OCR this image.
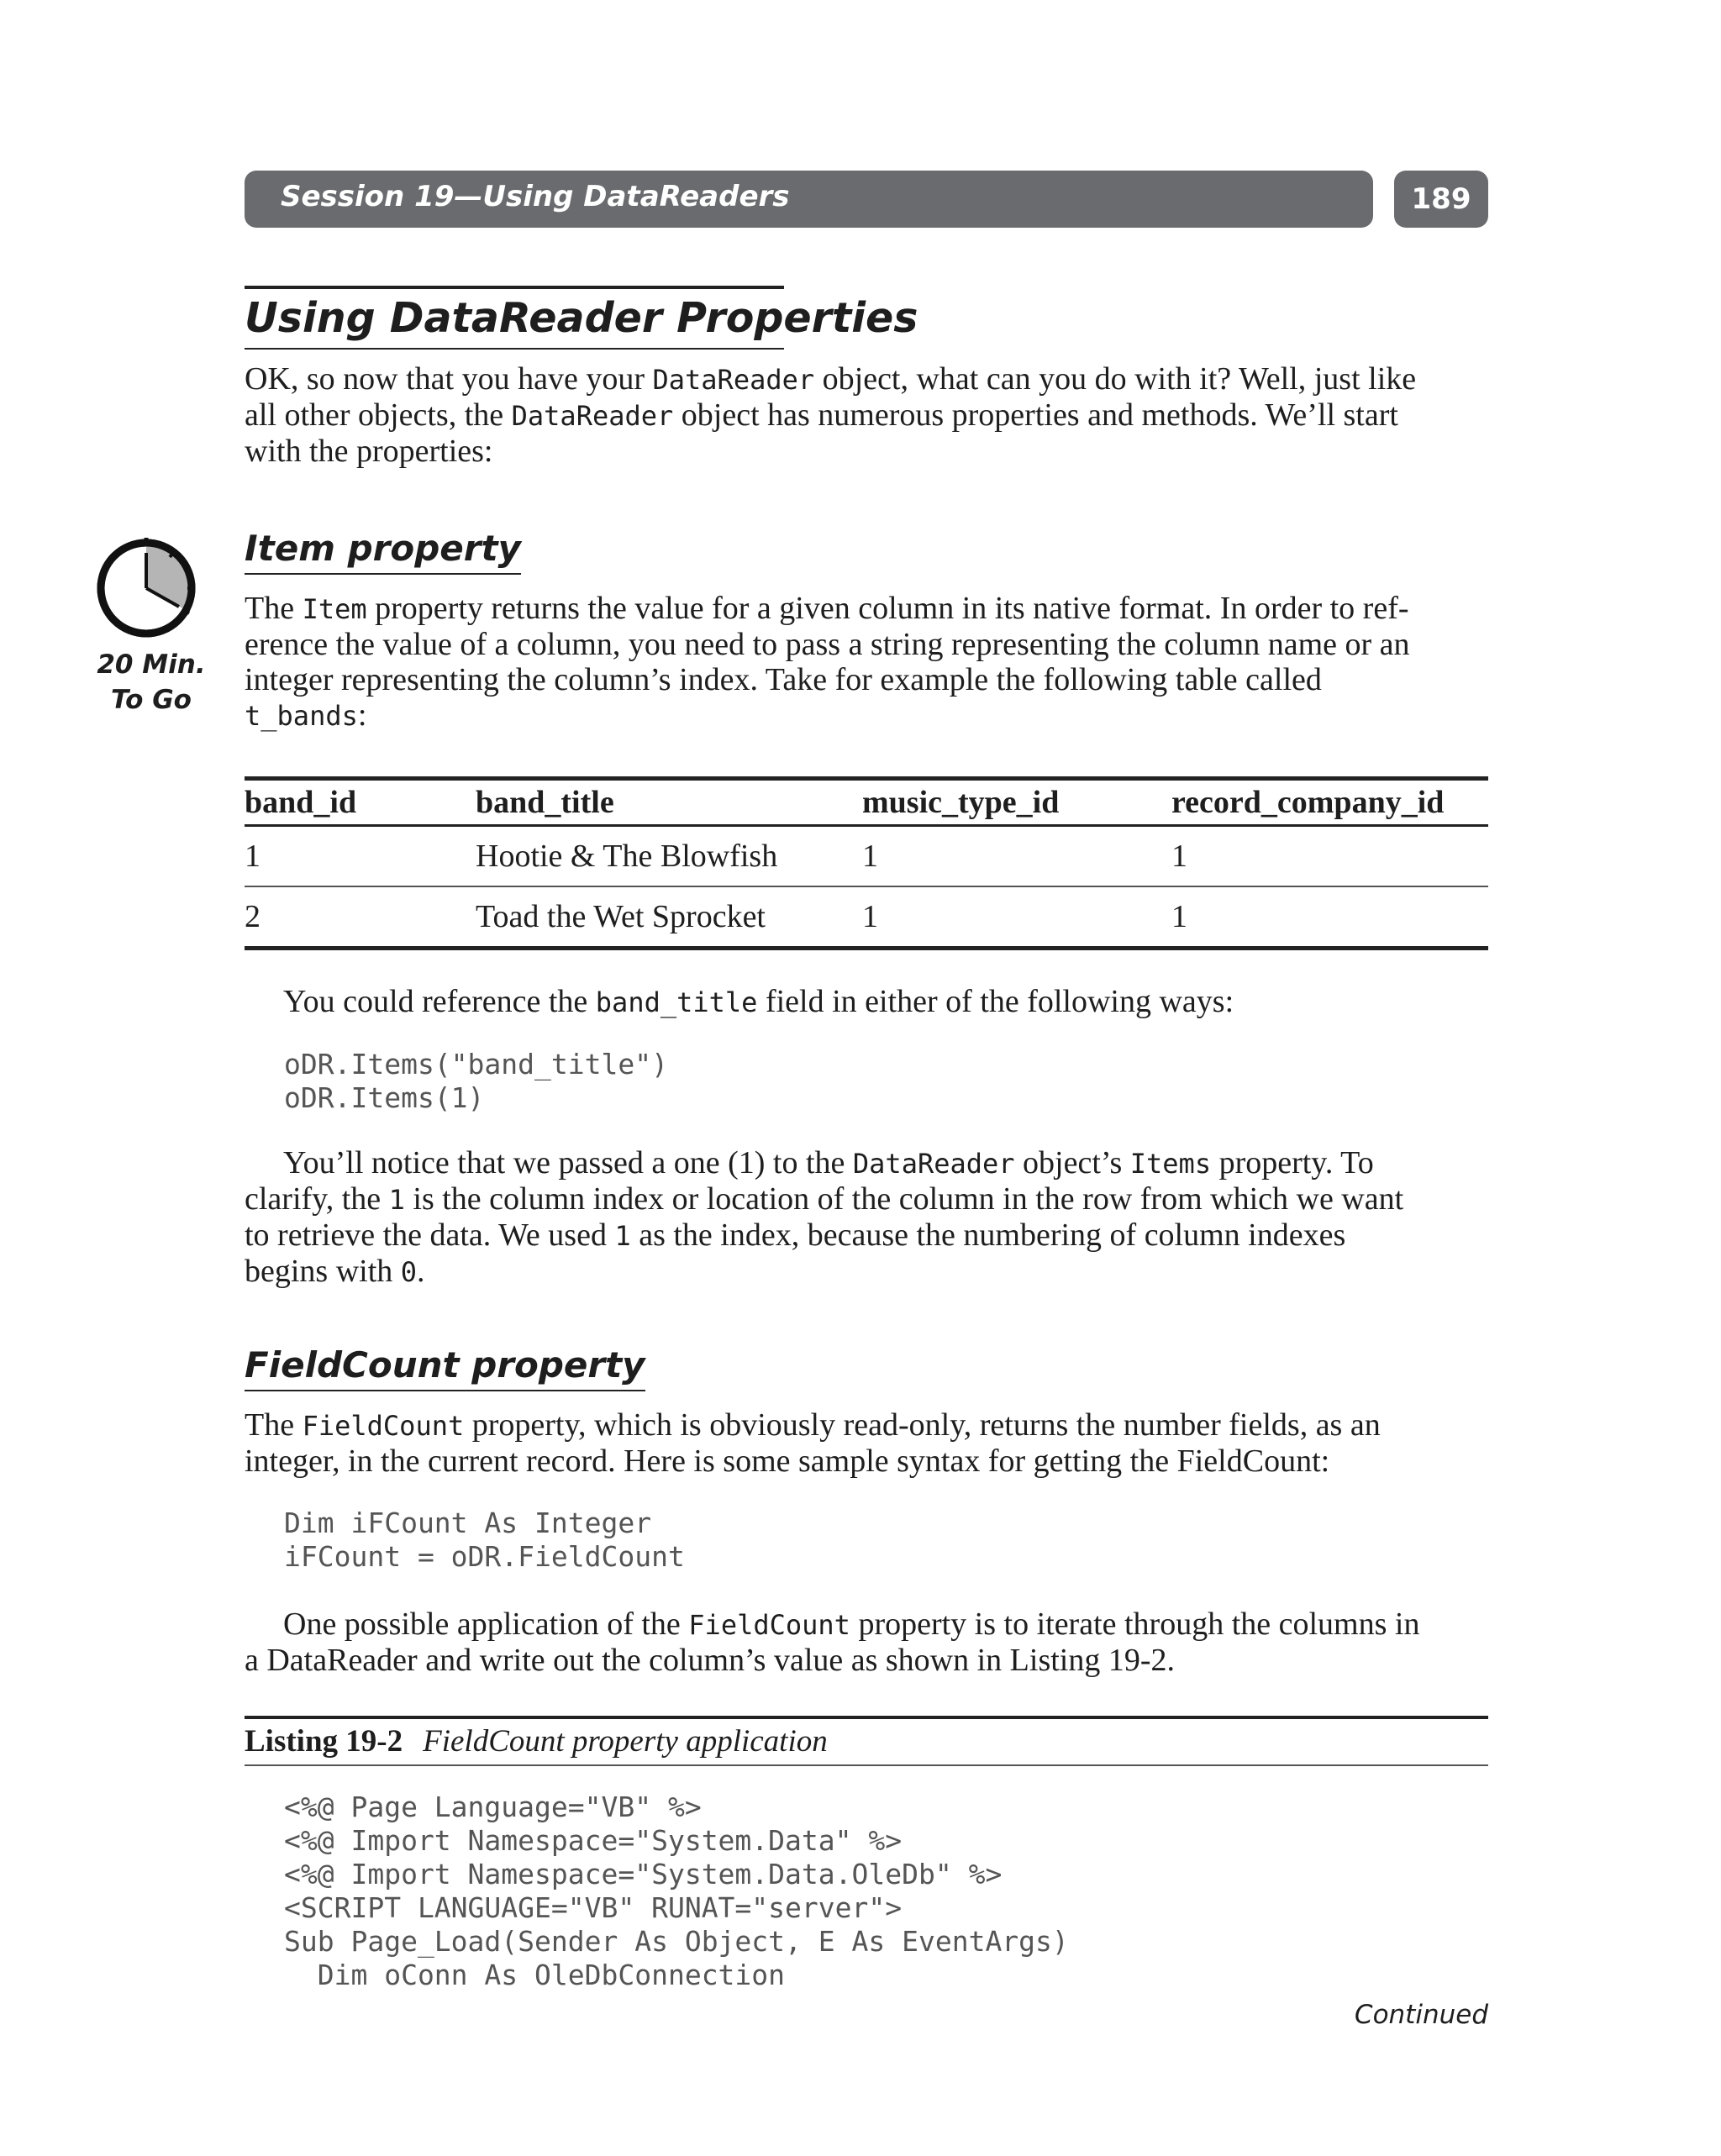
Session 19—Using DataReaders	189
Using DataReader Properties
OK, so now that you have your DataReader object, what can you do with it? Well, just like
all other objects, the DataReader object has numerous properties and methods. We’ll start
with the properties:
20 Min.
To Go
Item property
The Item property returns the value for a given column in its native format. In order to ref-
erence the value of a column, you need to pass a string representing the column name or an
integer representing the column’s index. Take for example the following table called
t_bands:
band_id	band_title	music_type_id	record_company_id
1	Hootie & The Blowfish	1	1
2	Toad the Wet Sprocket	1	1
You could reference the band_title field in either of the following ways:
oDR.Items("band_title")
oDR.Items(1)
You’ll notice that we passed a one (1) to the DataReader object’s Items property. To
clarify, the 1 is the column index or location of the column in the row from which we want
to retrieve the data. We used 1 as the index, because the numbering of column indexes
begins with 0.
FieldCount property
The FieldCount property, which is obviously read-only, returns the number fields, as an
integer, in the current record. Here is some sample syntax for getting the FieldCount:
Dim iFCount As Integer
iFCount = oDR.FieldCount
One possible application of the FieldCount property is to iterate through the columns in
a DataReader and write out the column’s value as shown in Listing 19-2.
Listing 19-2 FieldCount property application
<%@ Page Language="VB" %>
<%@ Import Namespace="System.Data" %>
<%@ Import Namespace="System.Data.OleDb" %>
<SCRIPT LANGUAGE="VB" RUNAT="server">
Sub Page_Load(Sender As Object, E As EventArgs)
Dim oConn As OleDbConnection
Continued
